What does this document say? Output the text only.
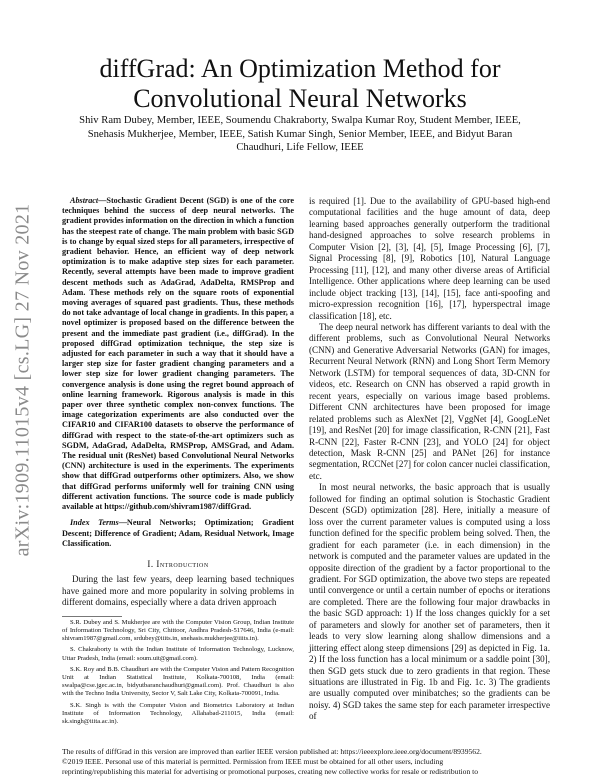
arXiv:1909.11015v4 [cs.LG] 27 Nov 2021
diffGrad: An Optimization Method for Convolutional Neural Networks
Shiv Ram Dubey, Member, IEEE, Soumendu Chakraborty, Swalpa Kumar Roy, Student Member, IEEE, Snehasis Mukherjee, Member, IEEE, Satish Kumar Singh, Senior Member, IEEE, and Bidyut Baran Chaudhuri, Life Fellow, IEEE

Abstract—Stochastic Gradient Decent (SGD) is one of the core techniques behind the success of deep neural networks. The gradient provides information on the direction in which a function has the steepest rate of change. The main problem with basic SGD is to change by equal sized steps for all parameters, irrespective of gradient behavior. Hence, an efficient way of deep network optimization is to make adaptive step sizes for each parameter. Recently, several attempts have been made to improve gradient descent methods such as AdaGrad, AdaDelta, RMSProp and Adam. These methods rely on the square roots of exponential moving averages of squared past gradients. Thus, these methods do not take advantage of local change in gradients. In this paper, a novel optimizer is proposed based on the difference between the present and the immediate past gradient (i.e., diffGrad). In the proposed diffGrad optimization technique, the step size is adjusted for each parameter in such a way that it should have a larger step size for faster gradient changing parameters and a lower step size for lower gradient changing parameters. The convergence analysis is done using the regret bound approach of online learning framework. Rigorous analysis is made in this paper over three synthetic complex non-convex functions. The image categorization experiments are also conducted over the CIFAR10 and CIFAR100 datasets to observe the performance of diffGrad with respect to the state-of-the-art optimizers such as SGDM, AdaGrad, AdaDelta, RMSProp, AMSGrad, and Adam. The residual unit (ResNet) based Convolutional Neural Networks (CNN) architecture is used in the experiments. The experiments show that diffGrad outperforms other optimizers. Also, we show that diffGrad performs uniformly well for training CNN using different activation functions. The source code is made publicly available at https://github.com/shivram1987/diffGrad.

Index Terms—Neural Networks; Optimization; Gradient Descent; Difference of Gradient; Adam, Residual Network, Image Classification.

I. Introduction

During the last few years, deep learning based techniques have gained more and more popularity in solving problems in different domains, especially where a data driven approach

S.R. Dubey and S. Mukherjee are with the Computer Vision Group, Indian Institute of Information Technology, Sri City, Chittoor, Andhra Pradesh-517646, India (e-mail: shivram1987@gmail.com, srdubey@iiits.in, snehasis.mukherjee@iiits.in).

S. Chakraborty is with the Indian Institute of Information Technology, Lucknow, Uttar Pradesh, India (email: soum.uit@gmail.com).

S.K. Roy and B.B. Chaudhuri are with the Computer Vision and Pattern Recognition Unit at Indian Statistical Institute, Kolkata-700108, India (email: swalpa@cse.jgec.ac.in, bidyutbaranchaudhuri@gmail.com). Prof. Chaudhuri is also with the Techno India University, Sector V, Salt Lake City, Kolkata-700091, India.

S.K. Singh is with the Computer Vision and Biometrics Laboratory at Indian Institute of Information Technology, Allahabad-211015, India (email: sk.singh@iiita.ac.in).

is required [1]. Due to the availability of GPU-based high-end computational facilities and the huge amount of data, deep learning based approaches generally outperform the traditional hand-designed approaches to solve research problems in Computer Vision [2], [3], [4], [5], Image Processing [6], [7], Signal Processing [8], [9], Robotics [10], Natural Language Processing [11], [12], and many other diverse areas of Artificial Intelligence. Other applications where deep learning can be used include object tracking [13], [14], [15], face anti-spoofing and micro-expression recognition [16], [17], hyperspectral image classification [18], etc.

The deep neural network has different variants to deal with the different problems, such as Convolutional Neural Networks (CNN) and Generative Adversarial Networks (GAN) for images, Recurrent Neural Network (RNN) and Long Short Term Memory Network (LSTM) for temporal sequences of data, 3D-CNN for videos, etc. Research on CNN has observed a rapid growth in recent years, especially on various image based problems. Different CNN architectures have been proposed for image related problems such as AlexNet [2], VggNet [4], GoogLeNet [19], and ResNet [20] for image classification, R-CNN [21], Fast R-CNN [22], Faster R-CNN [23], and YOLO [24] for object detection, Mask R-CNN [25] and PANet [26] for instance segmentation, RCCNet [27] for colon cancer nuclei classification, etc.

In most neural networks, the basic approach that is usually followed for finding an optimal solution is Stochastic Gradient Descent (SGD) optimization [28]. Here, initially a measure of loss over the current parameter values is computed using a loss function defined for the specific problem being solved. Then, the gradient for each parameter (i.e. in each dimension) in the network is computed and the parameter values are updated in the opposite direction of the gradient by a factor proportional to the gradient. For SGD optimization, the above two steps are repeated until convergence or until a certain number of epochs or iterations are completed. There are the following four major drawbacks in the basic SGD approach: 1) If the loss changes quickly for a set of parameters and slowly for another set of parameters, then it leads to very slow learning along shallow dimensions and a jittering effect along steep dimensions [29] as depicted in Fig. 1a. 2) If the loss function has a local minimum or a saddle point [30], then SGD gets stuck due to zero gradients in that region. These situations are illustrated in Fig. 1b and Fig. 1c. 3) The gradients are usually computed over minibatches; so the gradients can be noisy. 4) SGD takes the same step for each parameter irrespective of

The results of diffGrad in this version are improved than earlier IEEE version published at: https://ieeexplore.ieee.org/document/8939562.

©2019 IEEE. Personal use of this material is permitted. Permission from IEEE must be obtained for all other users, including

reprinting/republishing this material for advertising or promotional purposes, creating new collective works for resale or redistribution to
